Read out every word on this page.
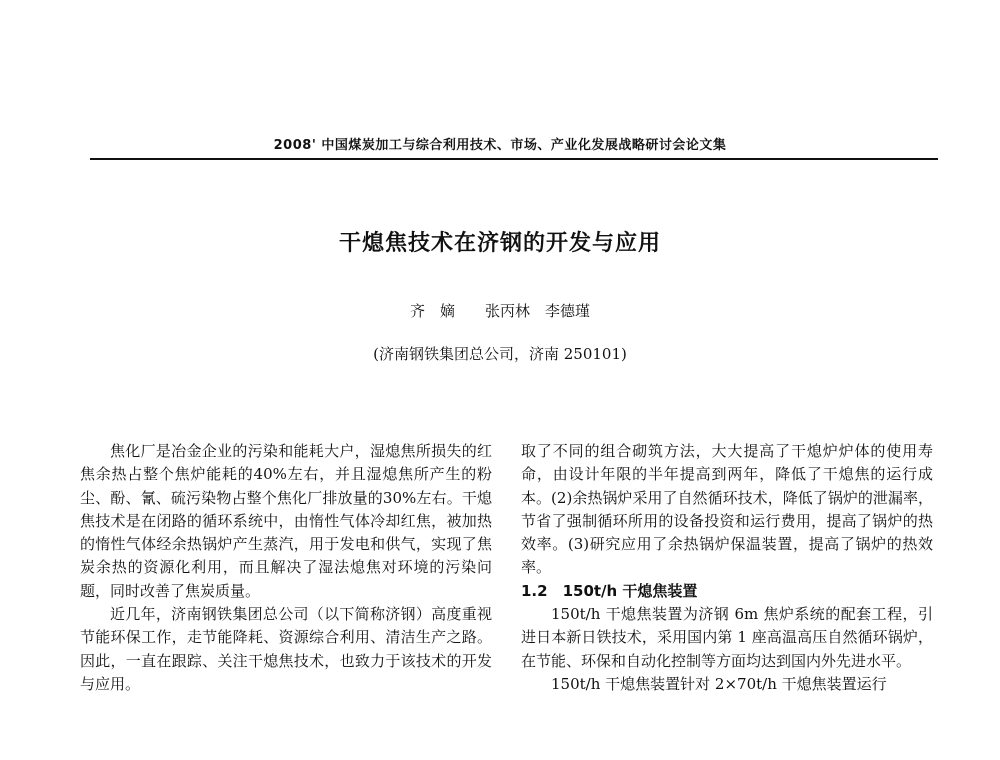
2008' 中国煤炭加工与综合利用技术、市场、产业化发展战略研讨会论文集
干熄焦技术在济钢的开发与应用
齐　嫡　　张丙林　李德瑾
(济南钢铁集团总公司，济南 250101)

焦化厂是冶金企业的污染和能耗大户，湿熄焦所损失的红焦余热占整个焦炉能耗的40%左右，并且湿熄焦所产生的粉尘、酚、氰、硫污染物占整个焦化厂排放量的30%左右。干熄焦技术是在闭路的循环系统中，由惰性气体冷却红焦，被加热的惰性气体经余热锅炉产生蒸汽，用于发电和供气，实现了焦炭余热的资源化利用，而且解决了湿法熄焦对环境的污染问题，同时改善了焦炭质量。

近几年，济南钢铁集团总公司（以下简称济钢）高度重视节能环保工作，走节能降耗、资源综合利用、清洁生产之路。因此，一直在跟踪、关注干熄焦技术，也致力于该技术的开发与应用。

取了不同的组合砌筑方法，大大提高了干熄炉炉体的使用寿命，由设计年限的半年提高到两年，降低了干熄焦的运行成本。(2)余热锅炉采用了自然循环技术，降低了锅炉的泄漏率，节省了强制循环所用的设备投资和运行费用，提高了锅炉的热效率。(3)研究应用了余热锅炉保温装置，提高了锅炉的热效率。

1.2　150t/h 干熄焦装置

150t/h 干熄焦装置为济钢 6m 焦炉系统的配套工程，引进日本新日铁技术，采用国内第 1 座高温高压自然循环锅炉，在节能、环保和自动化控制等方面均达到国内外先进水平。

150t/h 干熄焦装置针对 2×70t/h 干熄焦装置运行
